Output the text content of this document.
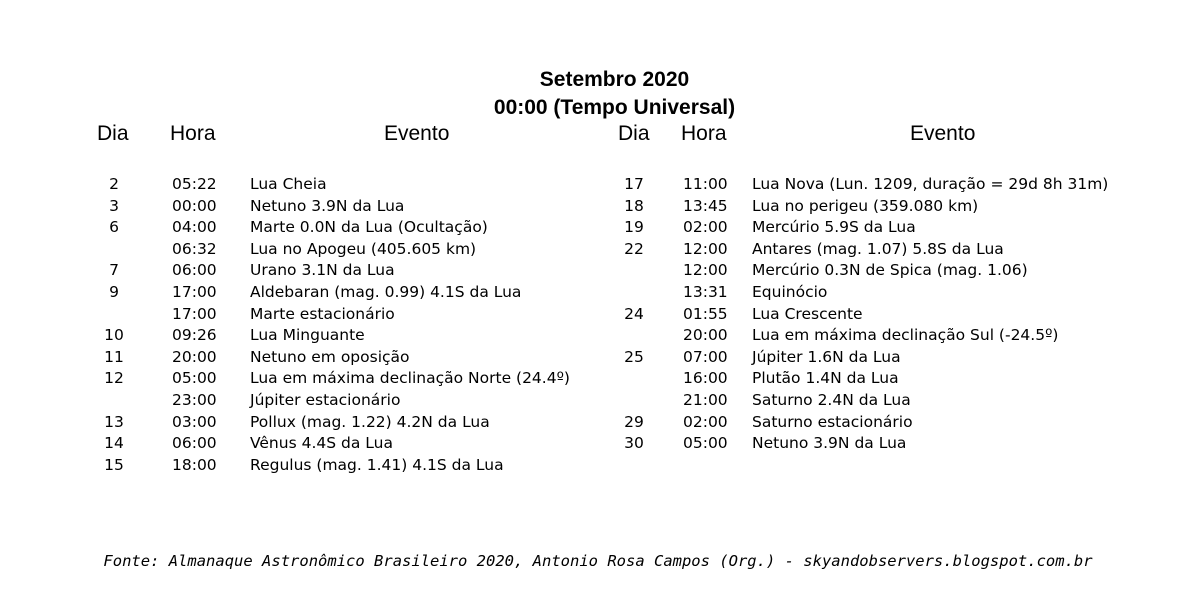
Setembro 2020
00:00 (Tempo Universal)
Dia Hora	Evento	Dia Hora	Evento
2	05:22 Lua Cheia
3	00:00 Netuno 3.9N da Lua
6	04:00 Marte 0.0N da Lua (Ocultação)
06:32 Lua no Apogeu (405.605 km)
7	06:00 Urano 3.1N da Lua
9	17:00 Aldebaran (mag. 0.99) 4.1S da Lua
17:00 Marte estacionário
10	09:26 Lua Minguante
11	20:00 Netuno em oposição
12	05:00 Lua em máxima declinação Norte (24.4º)
23:00 Júpiter estacionário
13	03:00 Pollux (mag. 1.22) 4.2N da Lua
14	06:00 Vênus 4.4S da Lua
15	18:00 Regulus (mag. 1.41) 4.1S da Lua
17	11:00 Lua Nova (Lun. 1209, duração = 29d 8h 31m)
18	13:45 Lua no perigeu (359.080 km)
19	02:00 Mercúrio 5.9S da Lua
22	12:00 Antares (mag. 1.07) 5.8S da Lua
12:00 Mercúrio 0.3N de Spica (mag. 1.06)
13:31 Equinócio
24	01:55 Lua Crescente
20:00 Lua em máxima declinação Sul (-24.5º)
25	07:00 Júpiter 1.6N da Lua
16:00 Plutão 1.4N da Lua
21:00 Saturno 2.4N da Lua
29	02:00 Saturno estacionário
30	05:00 Netuno 3.9N da Lua
Fonte: Almanaque Astronômico Brasileiro 2020, Antonio Rosa Campos (Org.) - skyandobservers.blogspot.com.br
